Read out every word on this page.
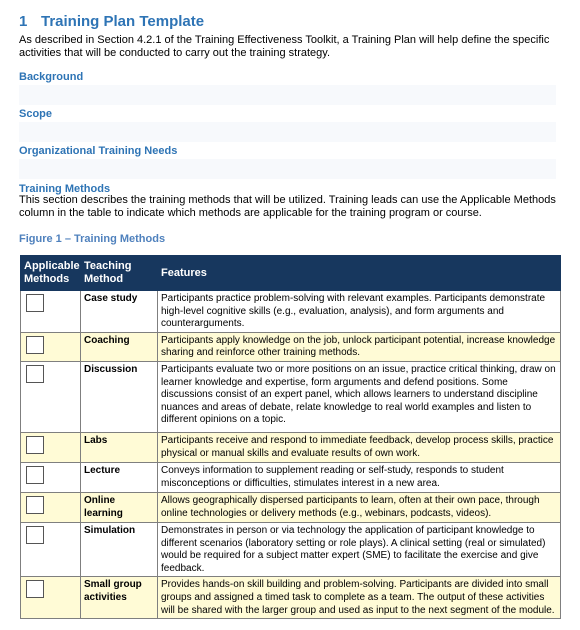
1 Training Plan Template
As described in Section 4.2.1 of the Training Effectiveness Toolkit, a Training Plan will help define the specific activities that will be conducted to carry out the training strategy.
Background
Scope
Organizational Training Needs
Training Methods
This section describes the training methods that will be utilized. Training leads can use the Applicable Methods column in the table to indicate which methods are applicable for the training program or course.
Figure 1 – Training Methods
Applicable Methods	Teaching Method	Features

	Case study	Participants practice problem-solving with relevant examples. Participants demonstrate high-level cognitive skills (e.g., evaluation, analysis), and form arguments and counterarguments.

	Coaching	Participants apply knowledge on the job, unlock participant potential, increase knowledge sharing and reinforce other training methods.

	Discussion	Participants evaluate two or more positions on an issue, practice critical thinking, draw on learner knowledge and expertise, form arguments and defend positions. Some discussions consist of an expert panel, which allows learners to understand discipline nuances and areas of debate, relate knowledge to real world examples and listen to different opinions on a topic.

	Labs	Participants receive and respond to immediate feedback, develop process skills, practice physical or manual skills and evaluate results of own work.

	Lecture	Conveys information to supplement reading or self-study, responds to student misconceptions or difficulties, stimulates interest in a new area.

	Online learning	Allows geographically dispersed participants to learn, often at their own pace, through online technologies or delivery methods (e.g., webinars, podcasts, videos).

	Simulation	Demonstrates in person or via technology the application of participant knowledge to different scenarios (laboratory setting or role plays). A clinical setting (real or simulated) would be required for a subject matter expert (SME) to facilitate the exercise and give feedback.

	Small group activities	Provides hands-on skill building and problem-solving. Participants are divided into small groups and assigned a timed task to complete as a team. The output of these activities will be shared with the larger group and used as input to the next segment of the module.
